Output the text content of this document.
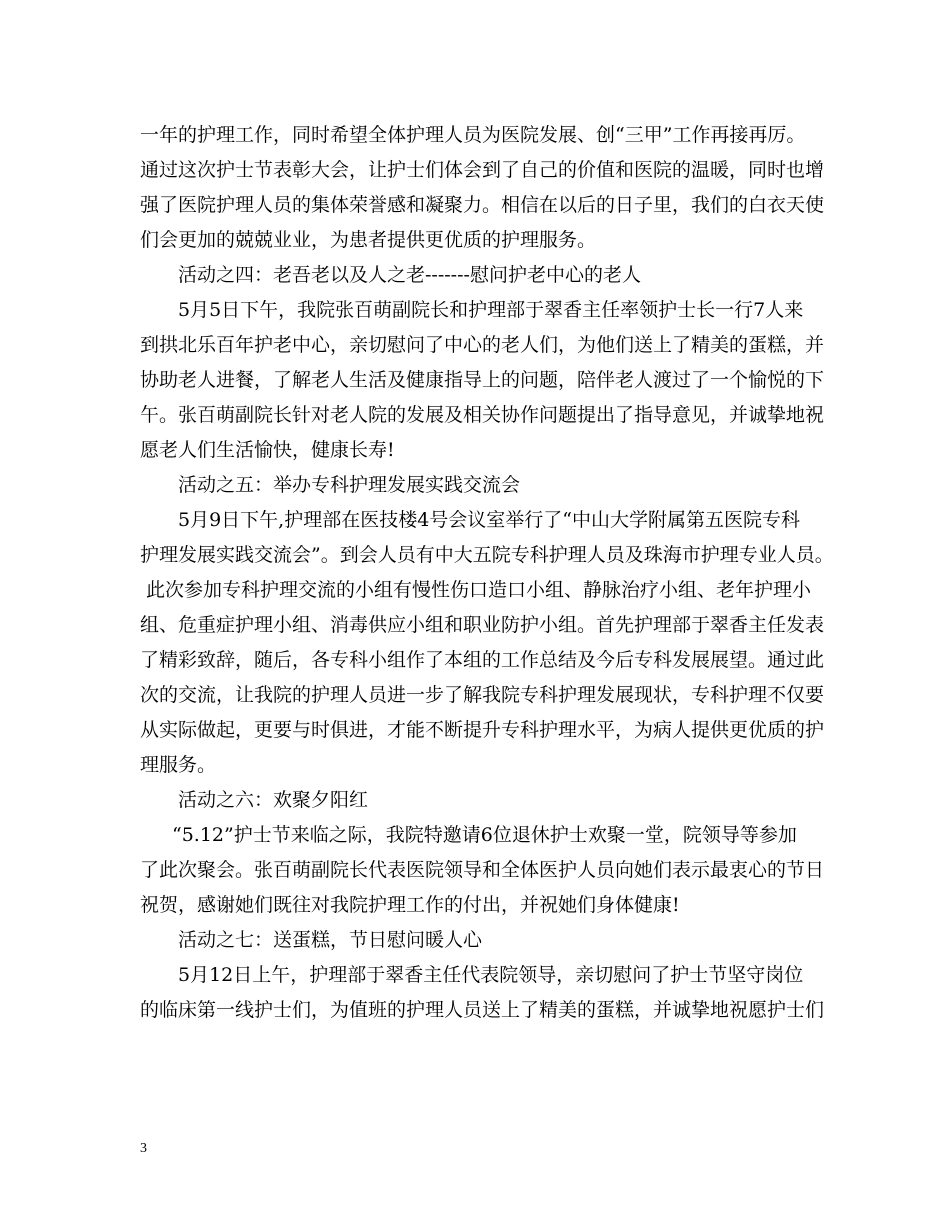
一年的护理工作，同时希望全体护理人员为医院发展、创“三甲”工作再接再厉。
通过这次护士节表彰大会，让护士们体会到了自己的价值和医院的温暖，同时也增
强了医院护理人员的集体荣誉感和凝聚力。相信在以后的日子里，我们的白衣天使
们会更加的兢兢业业，为患者提供更优质的护理服务。
活动之四：老吾老以及人之老-------慰问护老中心的老人
5月5日下午，我院张百萌副院长和护理部于翠香主任率领护士长一行7人来
到拱北乐百年护老中心，亲切慰问了中心的老人们，为他们送上了精美的蛋糕，并
协助老人进餐，了解老人生活及健康指导上的问题，陪伴老人渡过了一个愉悦的下
午。张百萌副院长针对老人院的发展及相关协作问题提出了指导意见，并诚挚地祝
愿老人们生活愉快，健康长寿!
活动之五：举办专科护理发展实践交流会
5月9日下午,护理部在医技楼4号会议室举行了“中山大学附属第五医院专科
护理发展实践交流会”。到会人员有中大五院专科护理人员及珠海市护理专业人员。
此次参加专科护理交流的小组有慢性伤口造口小组、静脉治疗小组、老年护理小
组、危重症护理小组、消毒供应小组和职业防护小组。首先护理部于翠香主任发表
了精彩致辞，随后，各专科小组作了本组的工作总结及今后专科发展展望。通过此
次的交流，让我院的护理人员进一步了解我院专科护理发展现状，专科护理不仅要
从实际做起，更要与时俱进，才能不断提升专科护理水平，为病人提供更优质的护
理服务。
活动之六：欢聚夕阳红
“5.12”护士节来临之际，我院特邀请6位退休护士欢聚一堂，院领导等参加
了此次聚会。张百萌副院长代表医院领导和全体医护人员向她们表示最衷心的节日
祝贺，感谢她们既往对我院护理工作的付出，并祝她们身体健康!
活动之七：送蛋糕，节日慰问暖人心
5月12日上午，护理部于翠香主任代表院领导，亲切慰问了护士节坚守岗位
的临床第一线护士们，为值班的护理人员送上了精美的蛋糕，并诚挚地祝愿护士们
3
